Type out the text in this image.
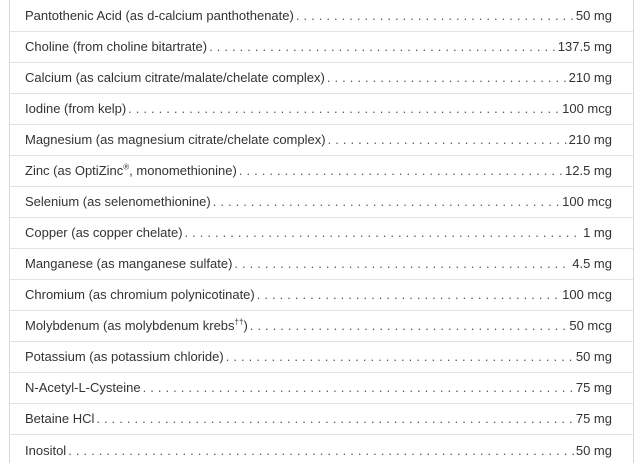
Pantothenic Acid (as d-calcium panthothenate) . . .	50 mg
Choline (from choline bitartrate) . . .	137.5 mg
Calcium (as calcium citrate/malate/chelate complex) . . .	210 mg
Iodine (from kelp) . . .	100 mcg
Magnesium (as magnesium citrate/chelate complex) . . .	210 mg
Zinc (as OptiZinc®, monomethionine) . . .	12.5 mg
Selenium (as selenomethionine) . . .	100 mcg
Copper (as copper chelate) . . .	1 mg
Manganese (as manganese sulfate) . . .	4.5 mg
Chromium (as chromium polynicotinate) . . .	100 mcg
Molybdenum (as molybdenum krebs††) . . .	50 mcg
Potassium (as potassium chloride) . . .	50 mg
N-Acetyl-L-Cysteine . . .	75 mg
Betaine HCl . . .	75 mg
Inositol . . .	50 mg
